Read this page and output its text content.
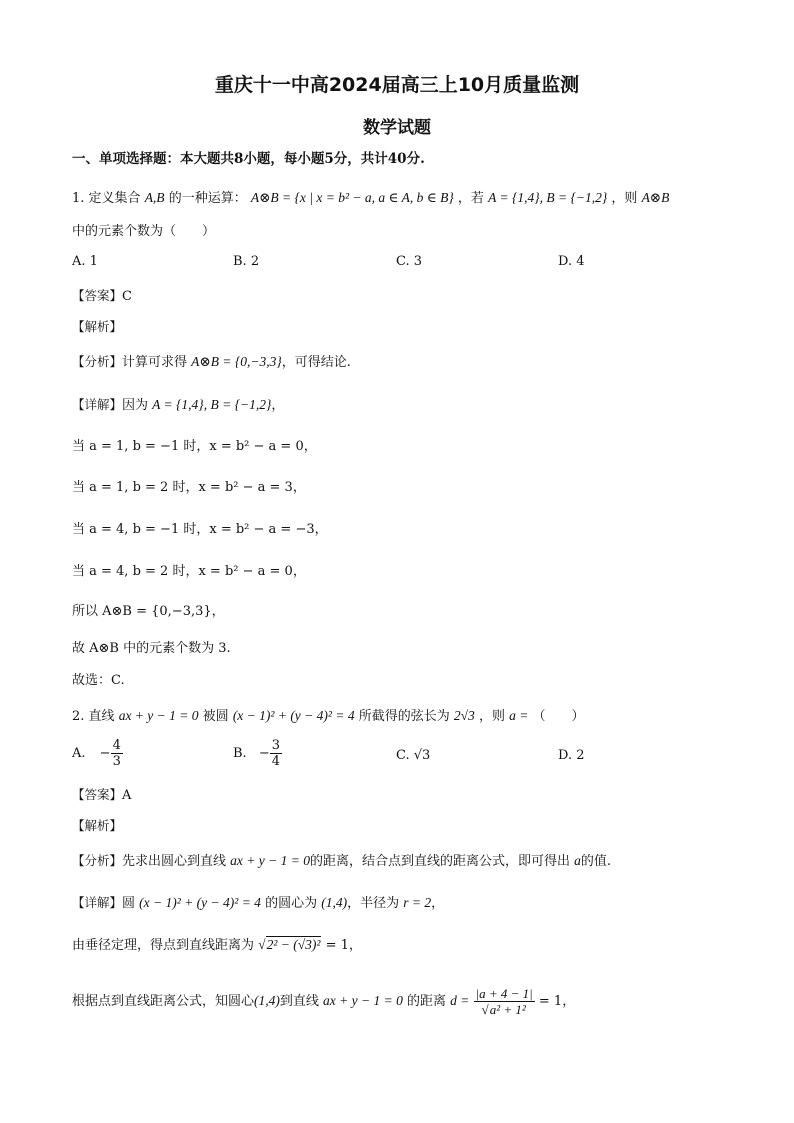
重庆十一中高2024届高三上10月质量监测
数学试题
一、单项选择题：本大题共8小题，每小题5分，共计40分.
1. 定义集合 A,B 的一种运算： A⊗B = {x | x = b² − a, a ∈ A, b ∈ B} ，若 A = {1,4}, B = {−1,2} ，则 A⊗B
中的元素个数为（　　）
A. 1	B. 2	C. 3	D. 4
【答案】C
【解析】
【分析】计算可求得 A⊗B = {0,−3,3}，可得结论.
【详解】因为 A = {1,4}, B = {−1,2}，
当 a = 1, b = −1 时，x = b² − a = 0，
当 a = 1, b = 2 时，x = b² − a = 3，
当 a = 4, b = −1 时，x = b² − a = −3，
当 a = 4, b = 2 时，x = b² − a = 0，
所以 A⊗B = {0,−3,3}，
故 A⊗B 中的元素个数为 3.
故选：C.
2. 直线 ax + y − 1 = 0 被圆 (x − 1)² + (y − 4)² = 4 所截得的弦长为 2√3 ，则 a = （　　）
A. − $\frac{4}{3}$	B. − $\frac{3}{4}$	C. √3	D. 2
【答案】A
【解析】
【分析】先求出圆心到直线 ax + y − 1 = 0的距离，结合点到直线的距离公式，即可得出 a的值.
【详解】圆 (x − 1)² + (y − 4)² = 4 的圆心为 (1,4)，半径为 r = 2，
由垂径定理，得点到直线距离为 √2² − (√3)² = 1，
根据点到直线距离公式，知圆心(1,4)到直线 ax + y − 1 = 0 的距离 $d = \frac{|a + 4 - 1|}{\text{√a² + 1²}} = 1$，
